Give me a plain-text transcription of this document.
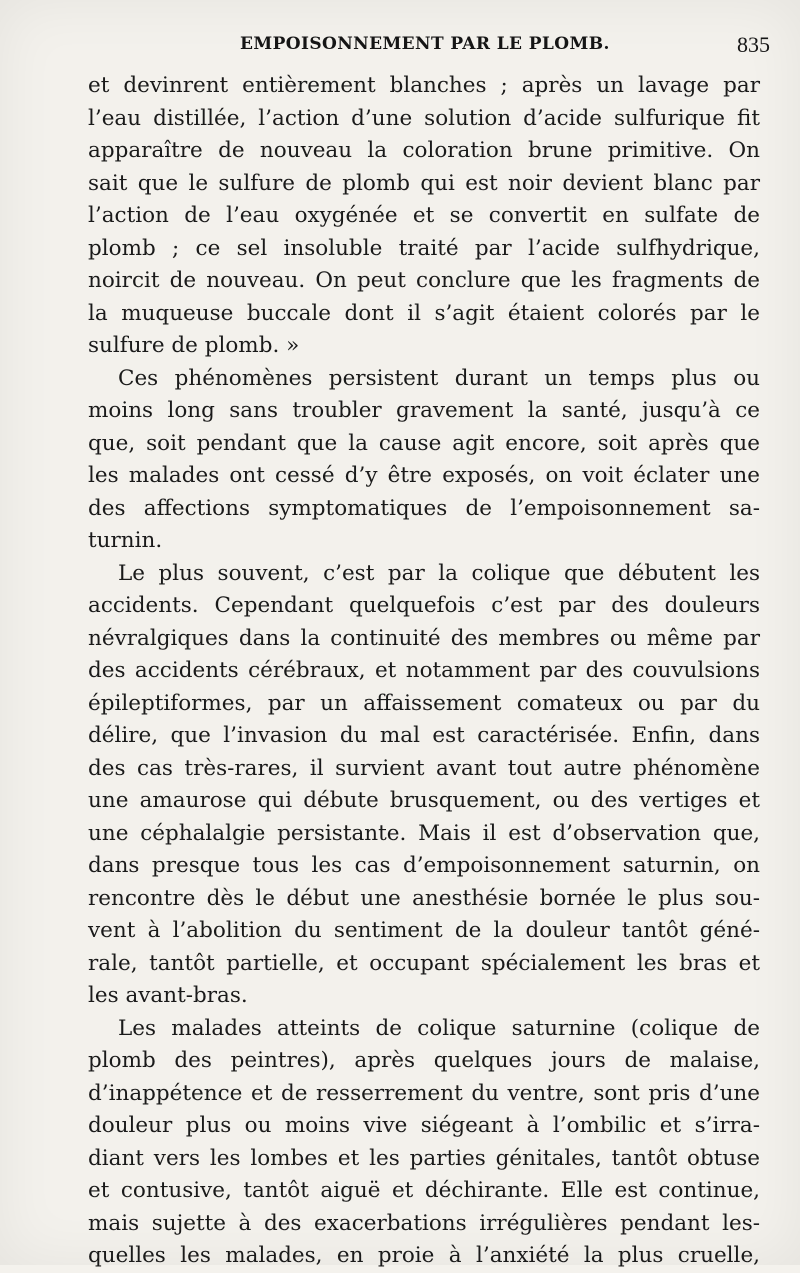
EMPOISONNEMENT PAR LE PLOMB.	835
et devinrent entièrement blanches ; après un lavage par
l’eau distillée, l’action d’une solution d’acide sulfurique fit
apparaître de nouveau la coloration brune primitive. On
sait que le sulfure de plomb qui est noir devient blanc par
l’action de l’eau oxygénée et se convertit en sulfate de
plomb ; ce sel insoluble traité par l’acide sulfhydrique,
noircit de nouveau. On peut conclure que les fragments de
la muqueuse buccale dont il s’agit étaient colorés par le
sulfure de plomb. »
Ces phénomènes persistent durant un temps plus ou
moins long sans troubler gravement la santé, jusqu’à ce
que, soit pendant que la cause agit encore, soit après que
les malades ont cessé d’y être exposés, on voit éclater une
des affections symptomatiques de l’empoisonnement sa-
turnin.
Le plus souvent, c’est par la colique que débutent les
accidents. Cependant quelquefois c’est par des douleurs
névralgiques dans la continuité des membres ou même par
des accidents cérébraux, et notamment par des couvulsions
épileptiformes, par un affaissement comateux ou par du
délire, que l’invasion du mal est caractérisée. Enfin, dans
des cas très-rares, il survient avant tout autre phénomène
une amaurose qui débute brusquement, ou des vertiges et
une céphalalgie persistante. Mais il est d’observation que,
dans presque tous les cas d’empoisonnement saturnin, on
rencontre dès le début une anesthésie bornée le plus sou-
vent à l’abolition du sentiment de la douleur tantôt géné-
rale, tantôt partielle, et occupant spécialement les bras et
les avant-bras.
Les malades atteints de colique saturnine (colique de
plomb des peintres), après quelques jours de malaise,
d’inappétence et de resserrement du ventre, sont pris d’une
douleur plus ou moins vive siégeant à l’ombilic et s’irra-
diant vers les lombes et les parties génitales, tantôt obtuse
et contusive, tantôt aiguë et déchirante. Elle est continue,
mais sujette à des exacerbations irrégulières pendant les-
quelles les malades, en proie à l’anxiété la plus cruelle,
